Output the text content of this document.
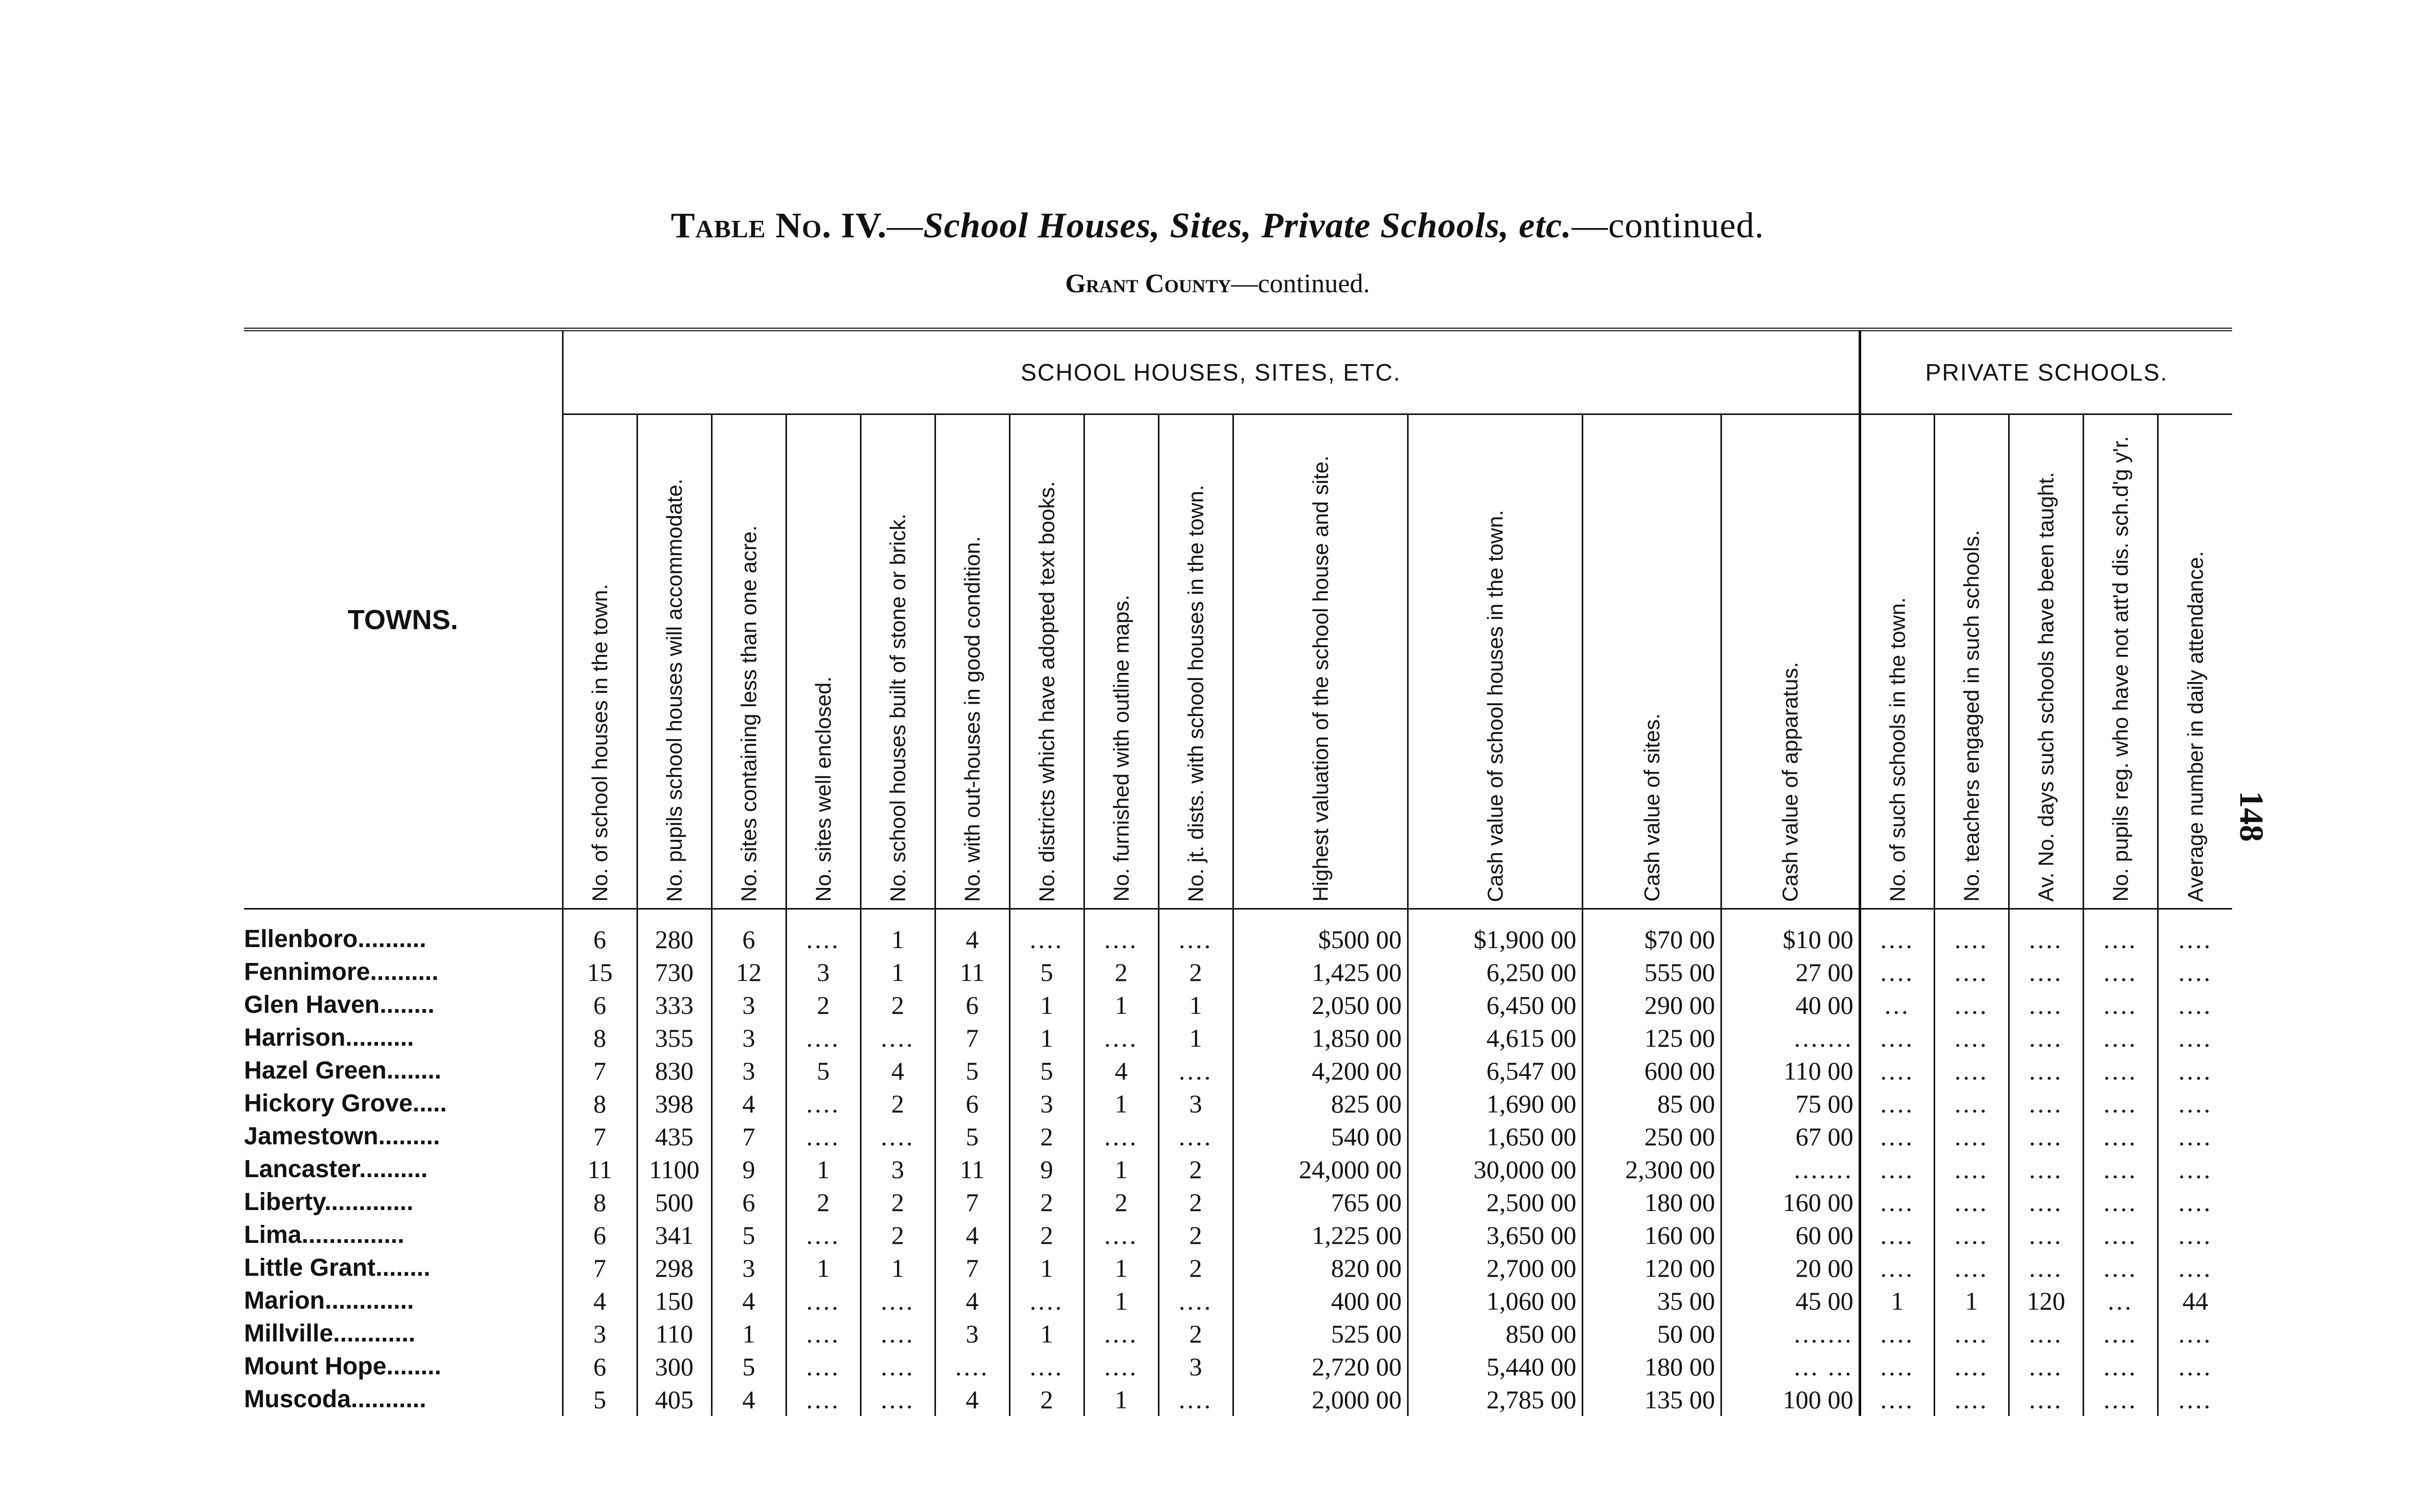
Table No. IV.—School Houses, Sites, Private Schools, etc.—continued.
Grant County—continued.
148
TOWNS.	SCHOOL HOUSES, SITES, ETC.													PRIVATE SCHOOLS.				

	No. of school houses in the town.	No. pupils school houses will accommodate.	No. sites containing less than one acre.	No. sites well enclosed.	No. school houses built of stone or brick.	No. with out-houses in good condition.	No. districts which have adopted text books.	No. furnished with outline maps.	No. jt. dists. with school houses in the town.	Highest valuation of the school house and site.	Cash value of school houses in the town.	Cash value of sites.	Cash value of apparatus.	No. of such schools in the town.	No. teachers engaged in such schools.	Av. No. days such schools have been taught.	No. pupils reg. who have not att'd dis. sch.d'g y'r.	Average number in daily attendance.

Ellenboro..........	6	280	6	....	1	4	....	....	....	$500 00	$1,900 00	$70 00	$10 00	....	....	....	....	....
Fennimore..........	15	730	12	3	1	11	5	2	2	1,425 00	6,250 00	555 00	27 00	....	....	....	....	....
Glen Haven........	6	333	3	2	2	6	1	1	1	2,050 00	6,450 00	290 00	40 00	...	....	....	....	....
Harrison..........	8	355	3	....	....	7	1	....	1	1,850 00	4,615 00	125 00	.......	....	....	....	....	....
Hazel Green........	7	830	3	5	4	5	5	4	....	4,200 00	6,547 00	600 00	110 00	....	....	....	....	....
Hickory Grove.....	8	398	4	....	2	6	3	1	3	825 00	1,690 00	85 00	75 00	....	....	....	....	....
Jamestown.........	7	435	7	....	....	5	2	....	....	540 00	1,650 00	250 00	67 00	....	....	....	....	....
Lancaster..........	11	1100	9	1	3	11	9	1	2	24,000 00	30,000 00	2,300 00	.......	....	....	....	....	....
Liberty.............	8	500	6	2	2	7	2	2	2	765 00	2,500 00	180 00	160 00	....	....	....	....	....
Lima...............	6	341	5	....	2	4	2	....	2	1,225 00	3,650 00	160 00	60 00	....	....	....	....	....
Little Grant........	7	298	3	1	1	7	1	1	2	820 00	2,700 00	120 00	20 00	....	....	....	....	....
Marion.............	4	150	4	....	....	4	....	1	....	400 00	1,060 00	35 00	45 00	1	1	120	...	44
Millville............	3	110	1	....	....	3	1	....	2	525 00	850 00	50 00	.......	....	....	....	....	....
Mount Hope........	6	300	5	....	....	....	....	....	3	2,720 00	5,440 00	180 00	... ...	....	....	....	....	....
Muscoda...........	5	405	4	....	....	4	2	1	....	2,000 00	2,785 00	135 00	100 00	....	....	....	....	....
